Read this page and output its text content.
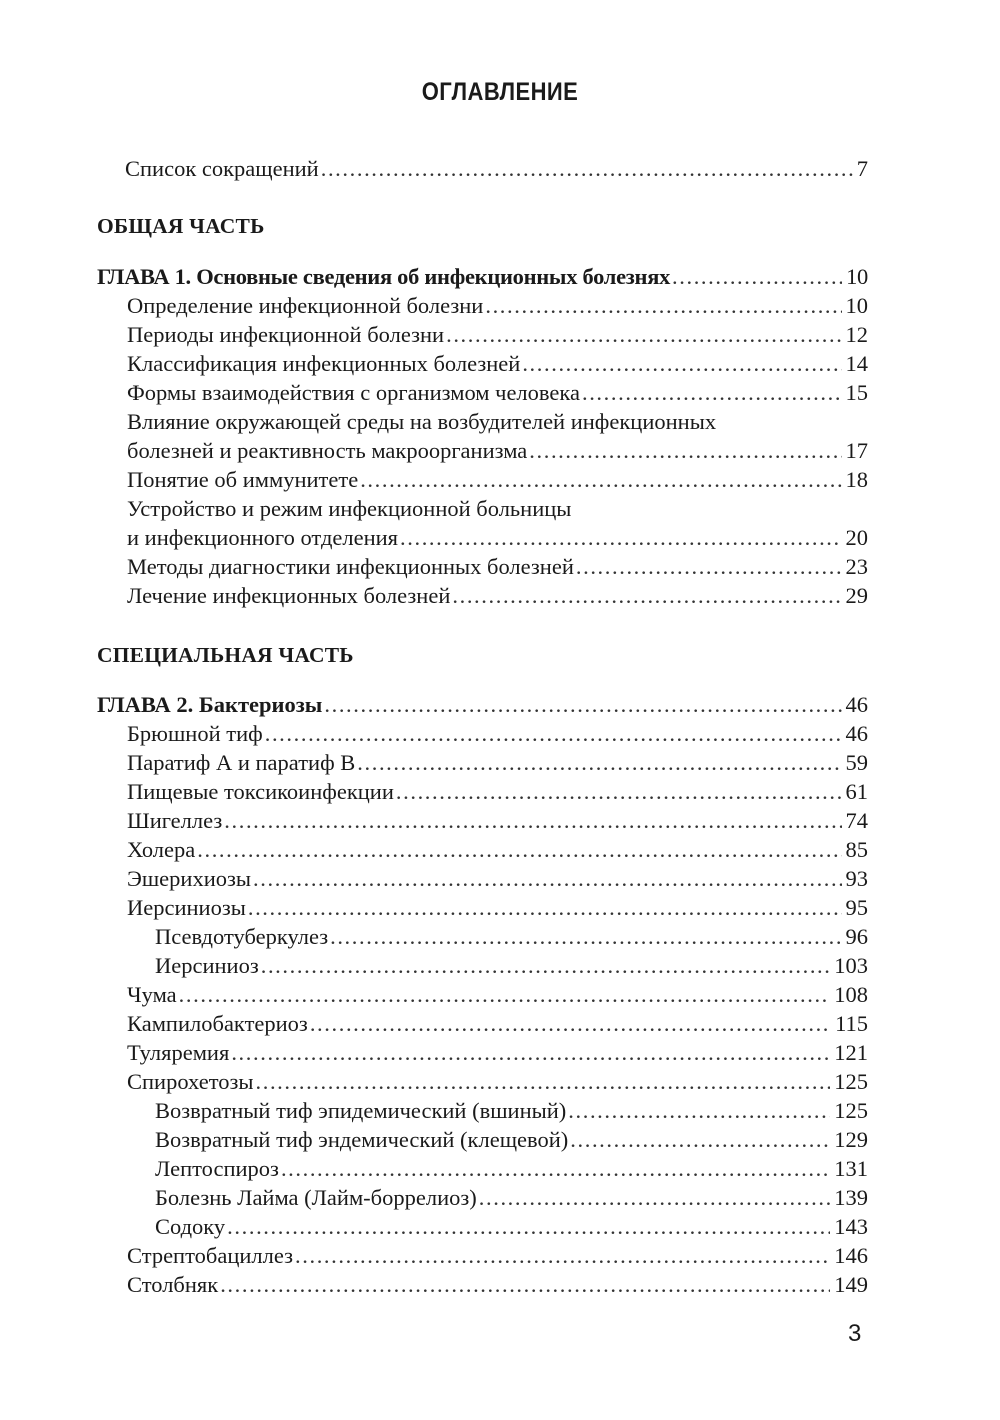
ОГЛАВЛЕНИЕ
Список сокращений .....	7
ОБЩАЯ ЧАСТЬ
ГЛАВА 1. Основные сведения об инфекционных болезнях .....	10
Определение инфекционной болезни .....	10
Периоды инфекционной болезни .....	12
Классификация инфекционных болезней .....	14
Формы взаимодействия с организмом человека .....	15
Влияние окружающей среды на возбудителей инфекционных
болезней и реактивность макроорганизма .....	17
Понятие об иммунитете .....	18
Устройство и режим инфекционной больницы
и инфекционного отделения .....	20
Методы диагностики инфекционных болезней .....	23
Лечение инфекционных болезней .....	29
СПЕЦИАЛЬНАЯ ЧАСТЬ
ГЛАВА 2. Бактериозы .....	46
Брюшной тиф .....	46
Паратиф А и паратиф В .....	59
Пищевые токсикоинфекции .....	61
Шигеллез .....	74
Холера .....	85
Эшерихиозы .....	93
Иерсиниозы .....	95
Псевдотуберкулез .....	96
Иерсиниоз .....	103
Чума .....	108
Кампилобактериоз .....	115
Туляремия .....	121
Спирохетозы .....	125
Возвратный тиф эпидемический (вшиный) .....	125
Возвратный тиф эндемический (клещевой) .....	129
Лептоспироз .....	131
Болезнь Лайма (Лайм-боррелиоз) .....	139
Содоку .....	143
Стрептобациллез .....	146
Столбняк .....	149
3
